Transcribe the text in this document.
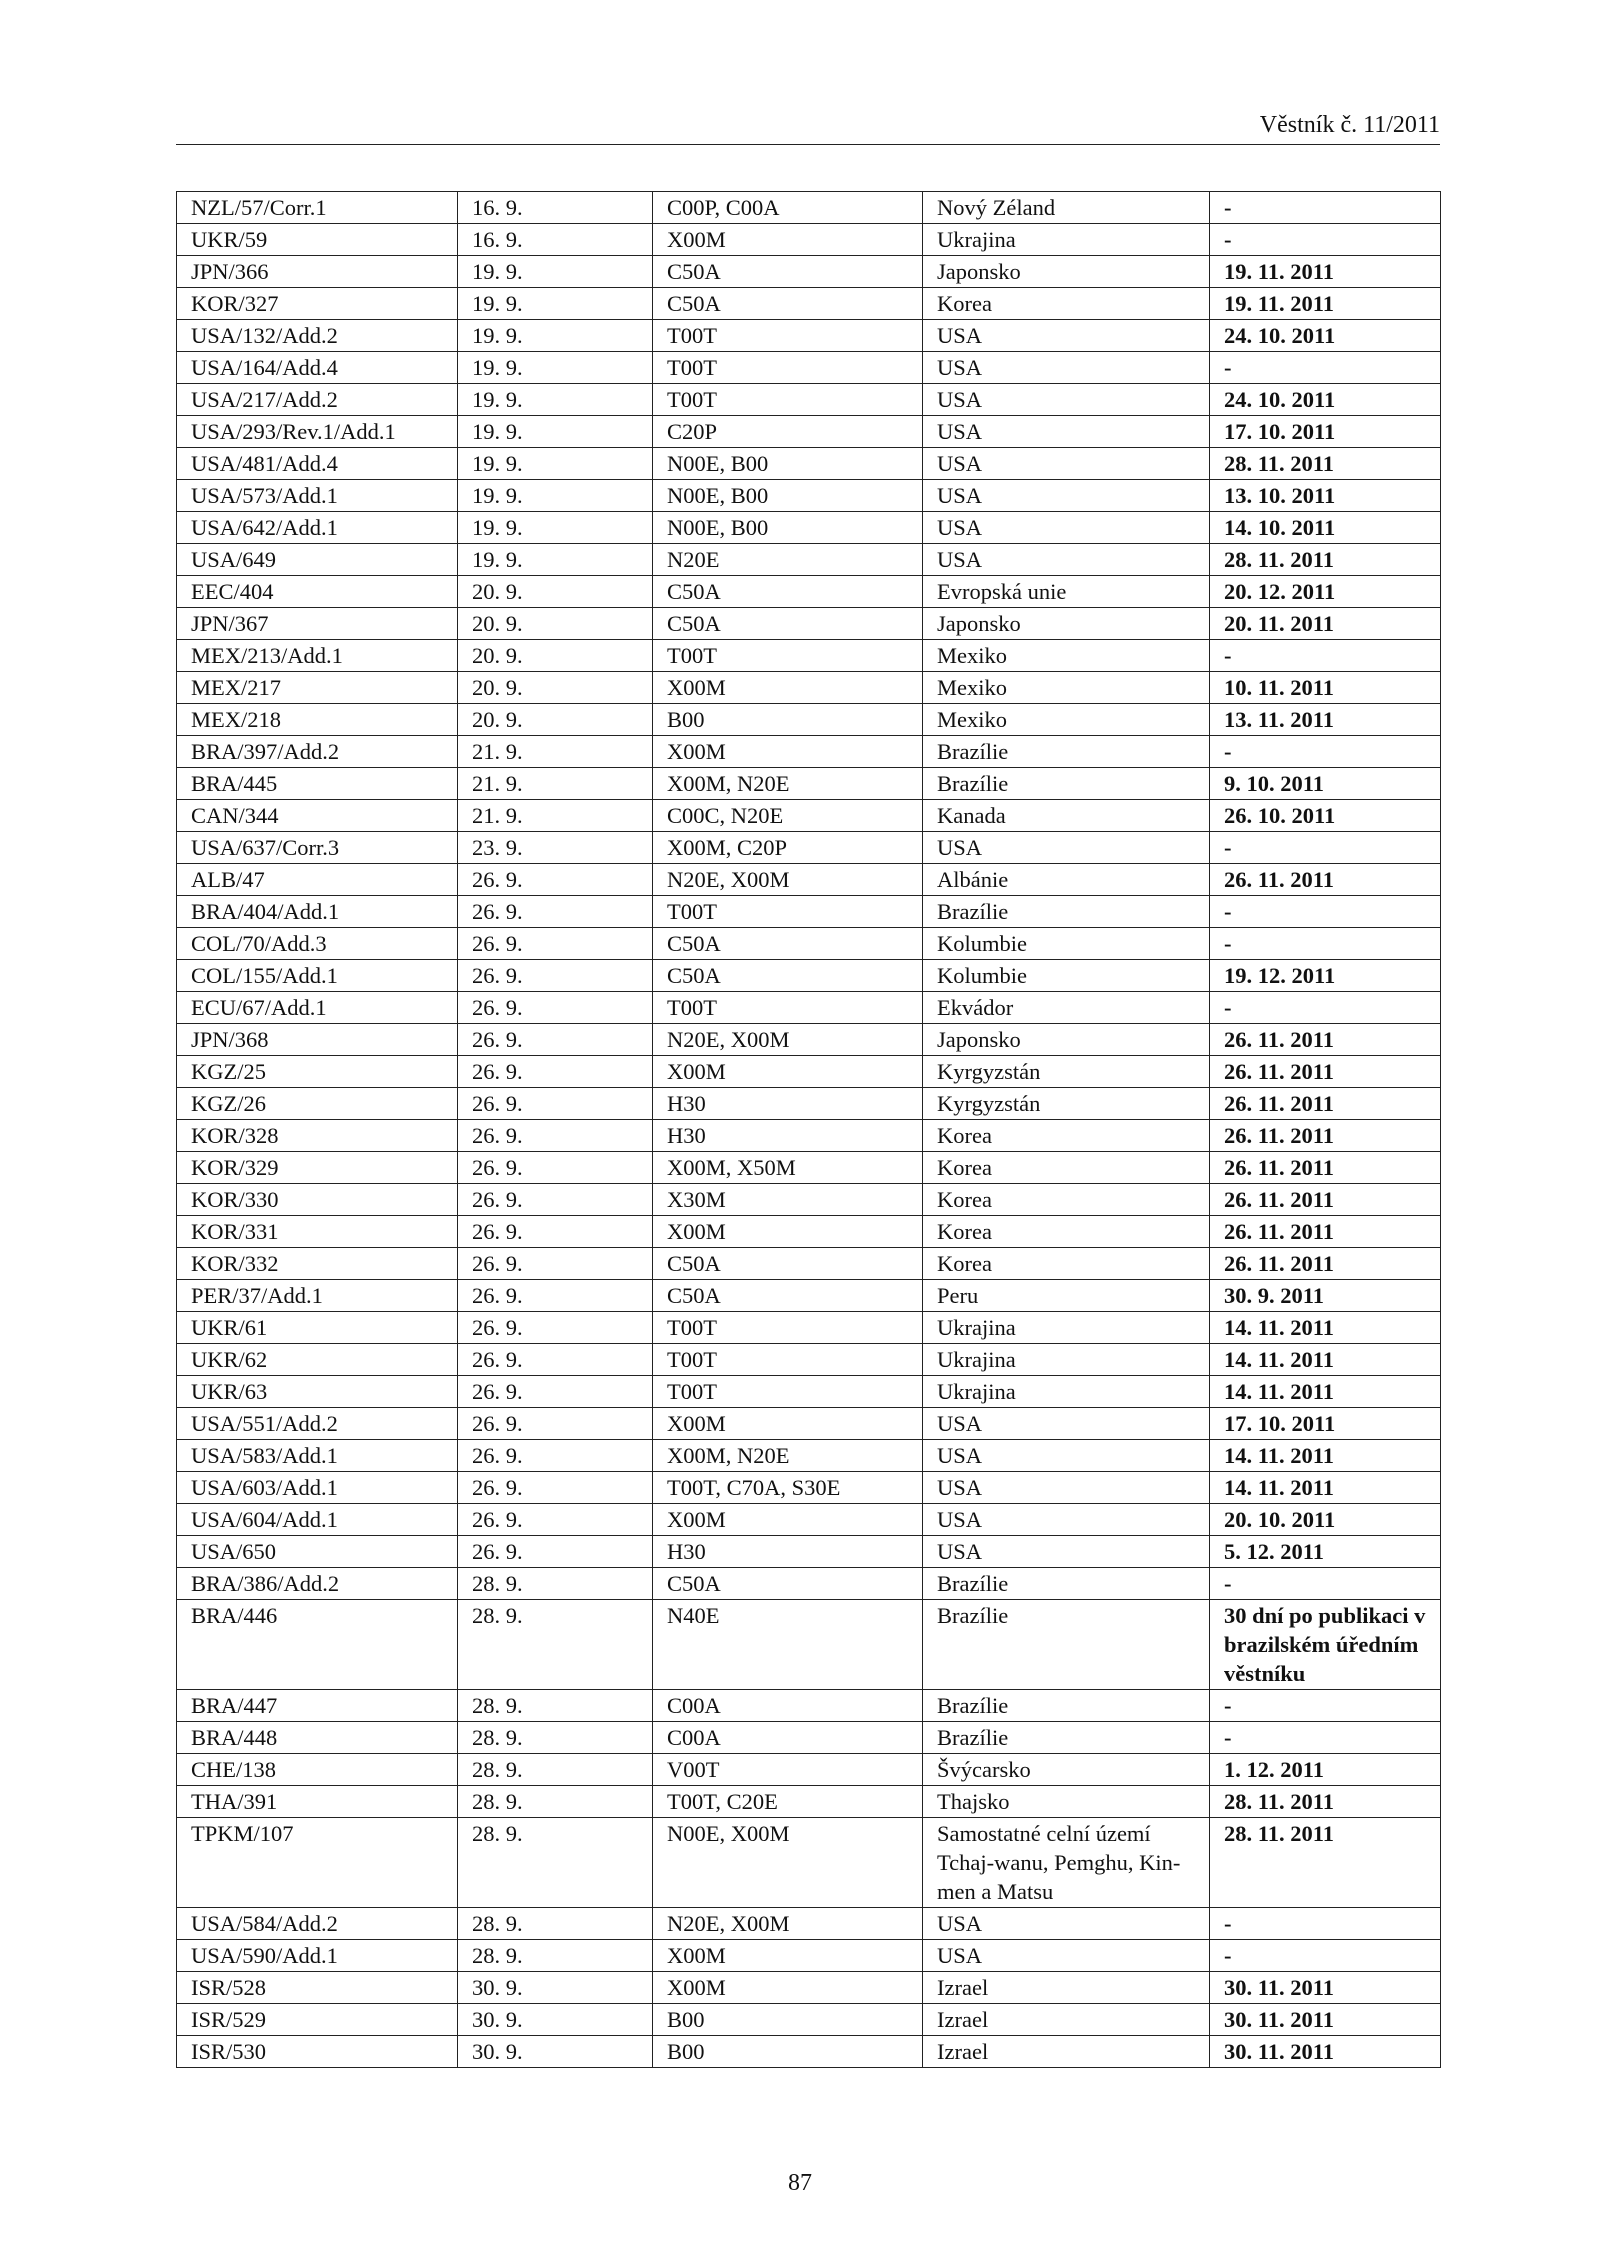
Věstník č. 11/2011
NZL/57/Corr.1	16. 9.	C00P, C00A	Nový Zéland	-
UKR/59	16. 9.	X00M	Ukrajina	-
JPN/366	19. 9.	C50A	Japonsko	19. 11. 2011
KOR/327	19. 9.	C50A	Korea	19. 11. 2011
USA/132/Add.2	19. 9.	T00T	USA	24. 10. 2011
USA/164/Add.4	19. 9.	T00T	USA	-
USA/217/Add.2	19. 9.	T00T	USA	24. 10. 2011
USA/293/Rev.1/Add.1	19. 9.	C20P	USA	17. 10. 2011
USA/481/Add.4	19. 9.	N00E, B00	USA	28. 11. 2011
USA/573/Add.1	19. 9.	N00E, B00	USA	13. 10. 2011
USA/642/Add.1	19. 9.	N00E, B00	USA	14. 10. 2011
USA/649	19. 9.	N20E	USA	28. 11. 2011
EEC/404	20. 9.	C50A	Evropská unie	20. 12. 2011
JPN/367	20. 9.	C50A	Japonsko	20. 11. 2011
MEX/213/Add.1	20. 9.	T00T	Mexiko	-
MEX/217	20. 9.	X00M	Mexiko	10. 11. 2011
MEX/218	20. 9.	B00	Mexiko	13. 11. 2011
BRA/397/Add.2	21. 9.	X00M	Brazílie	-
BRA/445	21. 9.	X00M, N20E	Brazílie	9. 10. 2011
CAN/344	21. 9.	C00C, N20E	Kanada	26. 10. 2011
USA/637/Corr.3	23. 9.	X00M, C20P	USA	-
ALB/47	26. 9.	N20E, X00M	Albánie	26. 11. 2011
BRA/404/Add.1	26. 9.	T00T	Brazílie	-
COL/70/Add.3	26. 9.	C50A	Kolumbie	-
COL/155/Add.1	26. 9.	C50A	Kolumbie	19. 12. 2011
ECU/67/Add.1	26. 9.	T00T	Ekvádor	-
JPN/368	26. 9.	N20E, X00M	Japonsko	26. 11. 2011
KGZ/25	26. 9.	X00M	Kyrgyzstán	26. 11. 2011
KGZ/26	26. 9.	H30	Kyrgyzstán	26. 11. 2011
KOR/328	26. 9.	H30	Korea	26. 11. 2011
KOR/329	26. 9.	X00M, X50M	Korea	26. 11. 2011
KOR/330	26. 9.	X30M	Korea	26. 11. 2011
KOR/331	26. 9.	X00M	Korea	26. 11. 2011
KOR/332	26. 9.	C50A	Korea	26. 11. 2011
PER/37/Add.1	26. 9.	C50A	Peru	30. 9. 2011
UKR/61	26. 9.	T00T	Ukrajina	14. 11. 2011
UKR/62	26. 9.	T00T	Ukrajina	14. 11. 2011
UKR/63	26. 9.	T00T	Ukrajina	14. 11. 2011
USA/551/Add.2	26. 9.	X00M	USA	17. 10. 2011
USA/583/Add.1	26. 9.	X00M, N20E	USA	14. 11. 2011
USA/603/Add.1	26. 9.	T00T, C70A, S30E	USA	14. 11. 2011
USA/604/Add.1	26. 9.	X00M	USA	20. 10. 2011
USA/650	26. 9.	H30	USA	5. 12. 2011
BRA/386/Add.2	28. 9.	C50A	Brazílie	-
BRA/446	28. 9.	N40E	Brazílie	30 dní po publikaci v brazilském úředním věstníku
BRA/447	28. 9.	C00A	Brazílie	-
BRA/448	28. 9.	C00A	Brazílie	-
CHE/138	28. 9.	V00T	Švýcarsko	1. 12. 2011
THA/391	28. 9.	T00T, C20E	Thajsko	28. 11. 2011
TPKM/107	28. 9.	N00E, X00M	Samostatné celní území Tchaj-wanu, Pemghu, Kin-men a Matsu	28. 11. 2011
USA/584/Add.2	28. 9.	N20E, X00M	USA	-
USA/590/Add.1	28. 9.	X00M	USA	-
ISR/528	30. 9.	X00M	Izrael	30. 11. 2011
ISR/529	30. 9.	B00	Izrael	30. 11. 2011
ISR/530	30. 9.	B00	Izrael	30. 11. 2011
87
